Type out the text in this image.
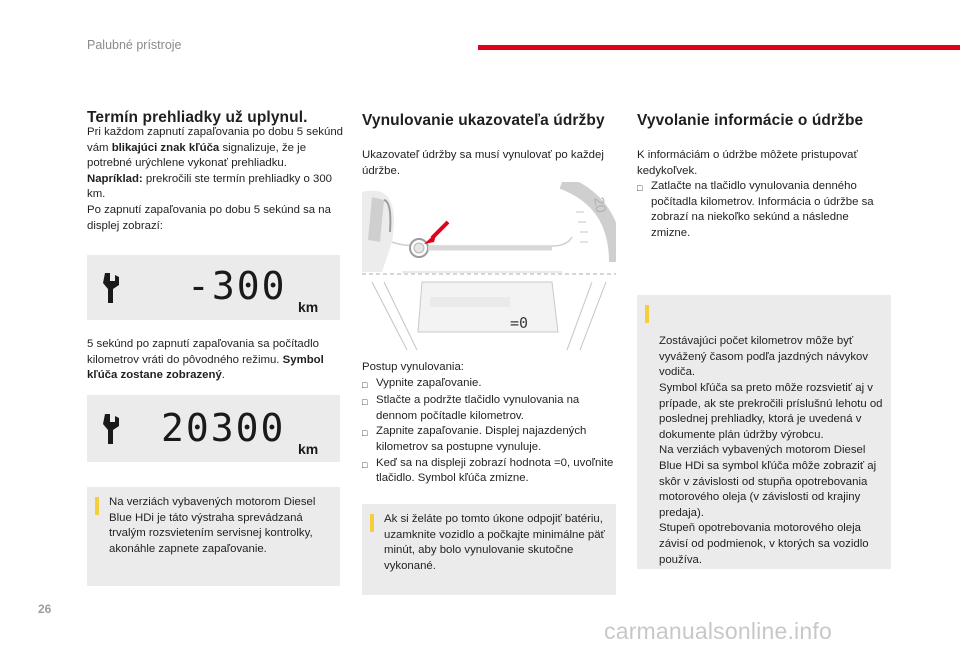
Palubné prístroje
Termín prehliadky už uplynul.

Pri každom zapnutí zapaľovania po dobu 5 sekúnd vám blikajúci znak kľúča signalizuje, že je potrebné urýchlene vykonať prehliadku.

Napríklad: prekročili ste termín prehliadky o 300 km.

Po zapnutí zapaľovania po dobu 5 sekúnd sa na displej zobrazí:

-300 km

5 sekúnd po zapnutí zapaľovania sa počítadlo kilometrov vráti do pôvodného režimu. Symbol kľúča zostane zobrazený.

20300 km
Na verziách vybavených motorom Diesel Blue HDi je táto výstraha sprevádzaná trvalým rozsvietením servisnej kontrolky, akonáhle zapnete zapaľovanie.
Vynulovanie ukazovateľa údržby
Ukazovateľ údržby sa musí vynulovať po každej údržbe.
20
=0

Postup vynulovania:

□ Vypnite zapaľovanie.
□ Stlačte a podržte tlačidlo vynulovania na dennom počítadle kilometrov.
□ Zapnite zapaľovanie. Displej najazdených kilometrov sa postupne vynuluje.
□ Keď sa na displeji zobrazí hodnota =0, uvoľnite tlačidlo. Symbol kľúča zmizne.
Ak si želáte po tomto úkone odpojiť batériu, uzamknite vozidlo a počkajte minimálne päť minút, aby bolo vynulovanie skutočne vykonané.
Vyvolanie informácie o údržbe

K informáciám o údržbe môžete pristupovať kedykoľvek.

□ Zatlačte na tlačidlo vynulovania denného počítadla kilometrov. Informácia o údržbe sa zobrazí na niekoľko sekúnd a následne zmizne.

Zostávajúci počet kilometrov môže byť vyvážený časom podľa jazdných návykov vodiča.
Symbol kľúča sa preto môže rozsvietiť aj v prípade, ak ste prekročili príslušnú lehotu od poslednej prehliadky, ktorá je uvedená v dokumente plán údržby výrobcu.
Na verziách vybavených motorom Diesel Blue HDi sa symbol kľúča môže zobraziť aj skôr v závislosti od stupňa opotrebovania motorového oleja (v závislosti od krajiny predaja).
Stupeň opotrebovania motorového oleja závisí od podmienok, v ktorých sa vozidlo používa.

26
carmanualsonline.info
